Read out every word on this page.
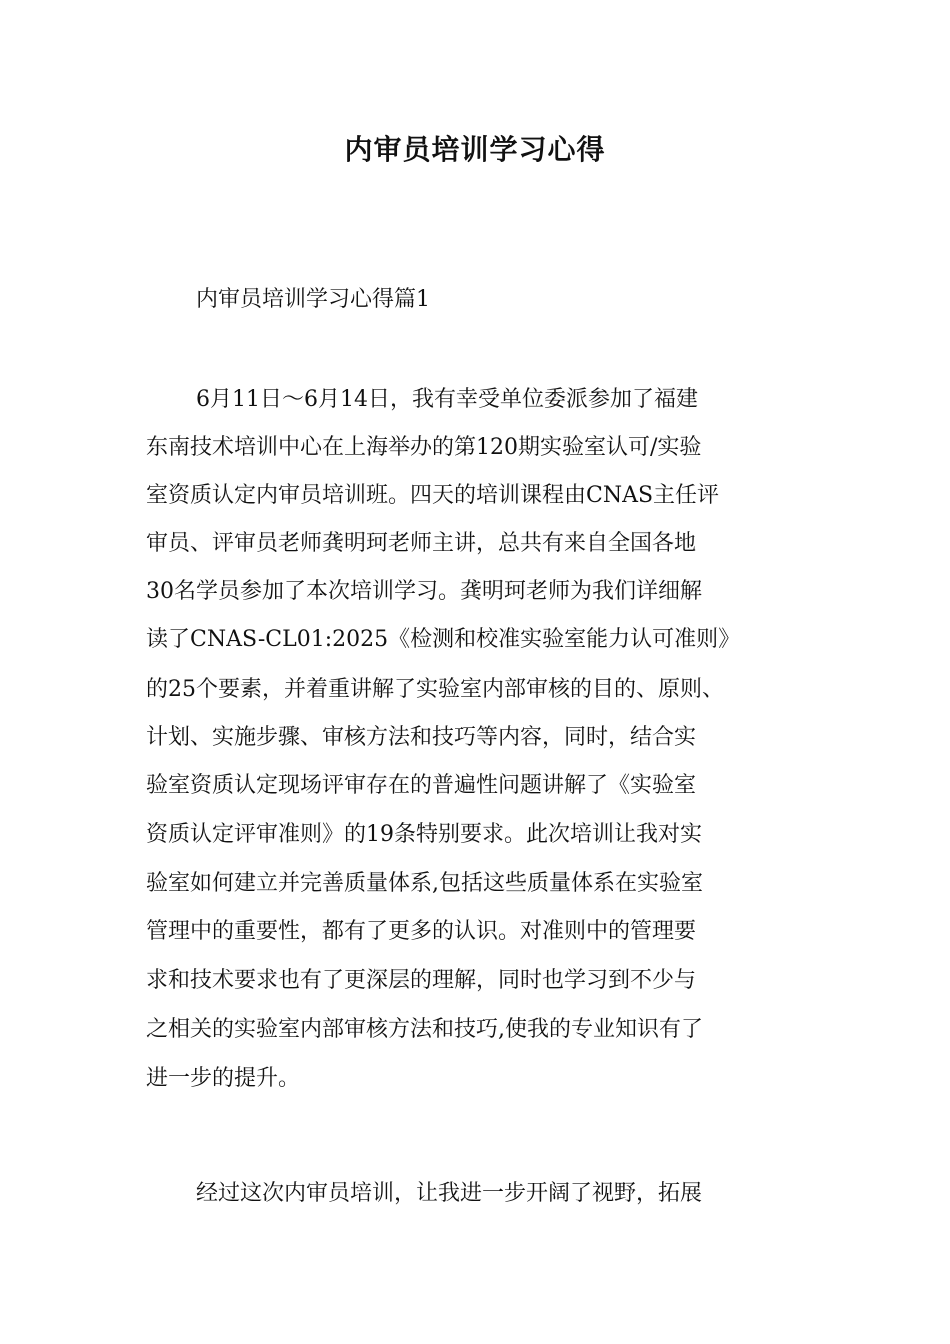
内审员培训学习心得
内审员培训学习心得篇1
6月11日～6月14日，我有幸受单位委派参加了福建
东南技术培训中心在上海举办的第120期实验室认可/实验
室资质认定内审员培训班。四天的培训课程由CNAS主任评
审员、评审员老师龚明珂老师主讲，总共有来自全国各地
30名学员参加了本次培训学习。龚明珂老师为我们详细解
读了CNAS-CL01:2025《检测和校准实验室能力认可准则》
的25个要素，并着重讲解了实验室内部审核的目的、原则、
计划、实施步骤、审核方法和技巧等内容，同时，结合实
验室资质认定现场评审存在的普遍性问题讲解了《实验室
资质认定评审准则》的19条特别要求。此次培训让我对实
验室如何建立并完善质量体系,包括这些质量体系在实验室
管理中的重要性，都有了更多的认识。对准则中的管理要
求和技术要求也有了更深层的理解，同时也学习到不少与
之相关的实验室内部审核方法和技巧,使我的专业知识有了
进一步的提升。
经过这次内审员培训，让我进一步开阔了视野，拓展
